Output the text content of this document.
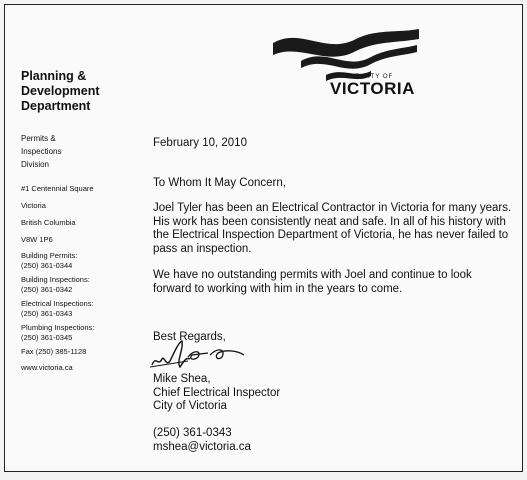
Planning &
Development
Department
Permits &
Inspections
Division
#1 Centennial Square
Victoria
British Columbia
V8W 1P6
Building Permits:
(250) 361-0344
Building Inspections:
(250) 361-0342
Electrical Inspections:
(250) 361-0343
Plumbing Inspections:
(250) 361-0345
Fax (250) 385-1128
www.victoria.ca
THE CITY OF
VICTORIA
February 10, 2010
To Whom It May Concern,
Joel Tyler has been an Electrical Contractor in Victoria for many years. His work has been consistently neat and safe. In all of his history with the Electrical Inspection Department of Victoria, he has never failed to pass an inspection.
We have no outstanding permits with Joel and continue to look forward to working with him in the years to come.
Best Regards,
Mike Shea,
Chief Electrical Inspector
City of Victoria
(250) 361-0343
mshea@victoria.ca
